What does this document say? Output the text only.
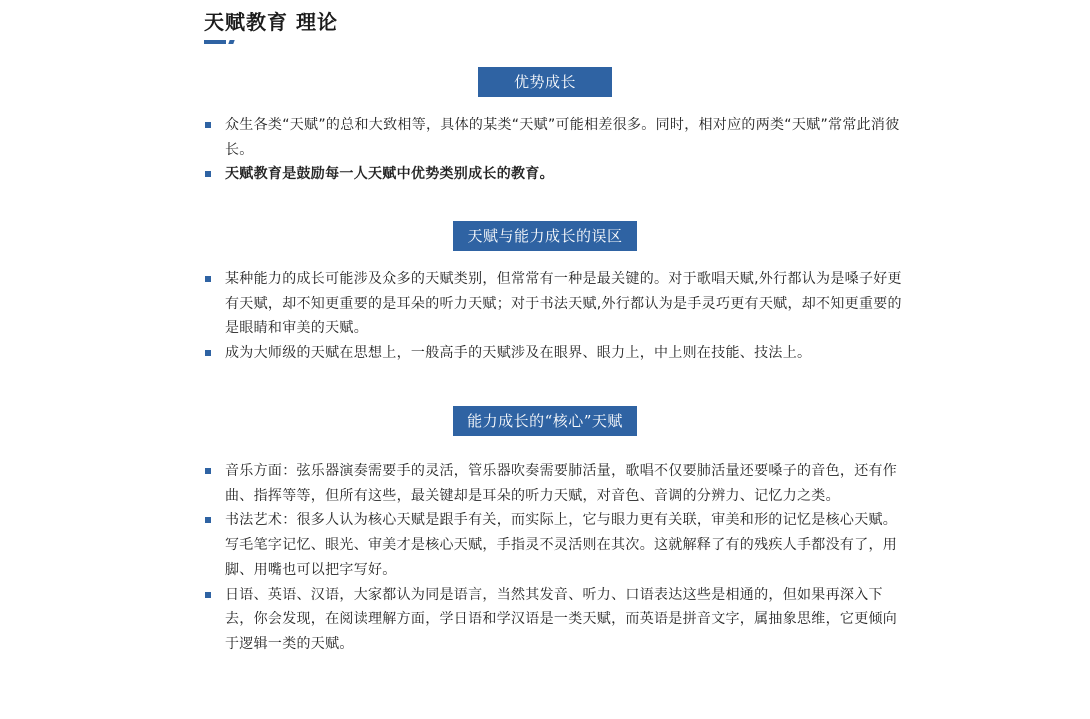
天赋教育 理论
优势成长
众生各类“天赋”的总和大致相等，具体的某类“天赋”可能相差很多。同时，相对应的两类“天赋”常常此消彼长。
天赋教育是鼓励每一人天赋中优势类别成长的教育。
天赋与能力成长的误区
某种能力的成长可能涉及众多的天赋类别，但常常有一种是最关键的。对于歌唱天赋,外行都认为是嗓子好更有天赋，却不知更重要的是耳朵的听力天赋；对于书法天赋,外行都认为是手灵巧更有天赋，却不知更重要的是眼睛和审美的天赋。
成为大师级的天赋在思想上，一般高手的天赋涉及在眼界、眼力上，中上则在技能、技法上。
能力成长的“核心”天赋
音乐方面：弦乐器演奏需要手的灵活，管乐器吹奏需要肺活量，歌唱不仅要肺活量还要嗓子的音色，还有作曲、指挥等等，但所有这些，最关键却是耳朵的听力天赋，对音色、音调的分辨力、记忆力之类。
书法艺术：很多人认为核心天赋是跟手有关，而实际上，它与眼力更有关联，审美和形的记忆是核心天赋。写毛笔字记忆、眼光、审美才是核心天赋，手指灵不灵活则在其次。这就解释了有的残疾人手都没有了，用脚、用嘴也可以把字写好。
日语、英语、汉语，大家都认为同是语言，当然其发音、听力、口语表达这些是相通的，但如果再深入下去，你会发现，在阅读理解方面，学日语和学汉语是一类天赋，而英语是拼音文字，属抽象思维，它更倾向于逻辑一类的天赋。
